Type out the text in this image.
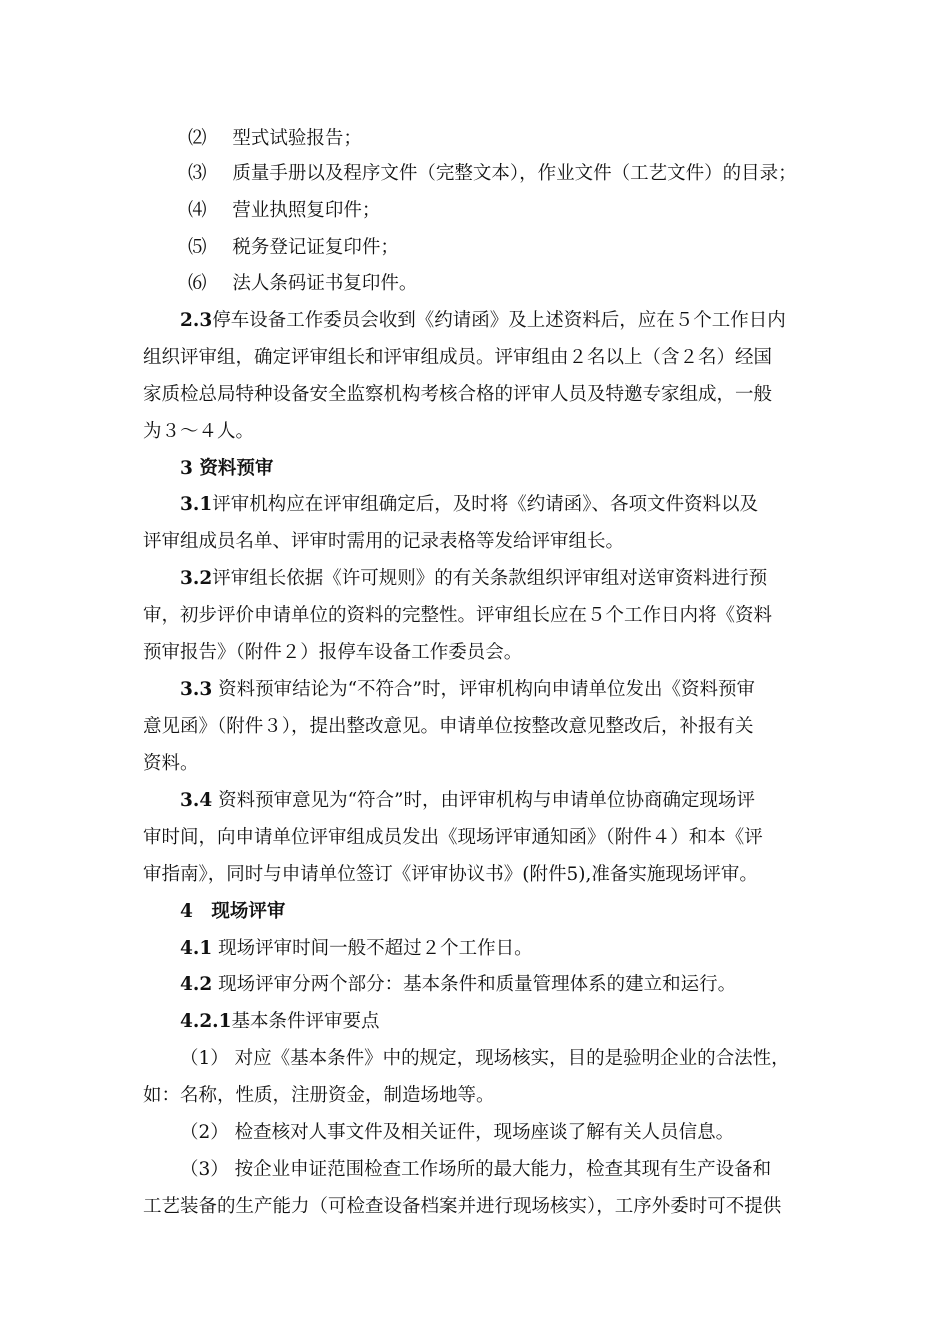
⑵ 型式试验报告；
⑶ 质量手册以及程序文件（完整文本），作业文件（工艺文件）的目录；
⑷ 营业执照复印件；
⑸ 税务登记证复印件；
⑹ 法人条码证书复印件。
2.3停车设备工作委员会收到《约请函》及上述资料后，应在５个工作日内
组织评审组，确定评审组长和评审组成员。评审组由２名以上（含２名）经国
家质检总局特种设备安全监察机构考核合格的评审人员及特邀专家组成，一般
为３～４人。
3 资料预审
3.1评审机构应在评审组确定后，及时将《约请函》、各项文件资料以及
评审组成员名单、评审时需用的记录表格等发给评审组长。
3.2评审组长依据《许可规则》的有关条款组织评审组对送审资料进行预
审，初步评价申请单位的资料的完整性。评审组长应在５个工作日内将《资料
预审报告》（附件２）报停车设备工作委员会。
3.3 资料预审结论为“不符合”时，评审机构向申请单位发出《资料预审
意见函》（附件３），提出整改意见。申请单位按整改意见整改后，补报有关
资料。
3.4 资料预审意见为“符合”时，由评审机构与申请单位协商确定现场评
审时间，向申请单位评审组成员发出《现场评审通知函》（附件４）和本《评
审指南》，同时与申请单位签订《评审协议书》(附件5),准备实施现场评审。
4　现场评审
4.1 现场评审时间一般不超过２个工作日。
4.2 现场评审分两个部分：基本条件和质量管理体系的建立和运行。
4.2.1基本条件评审要点
（1） 对应《基本条件》中的规定，现场核实，目的是验明企业的合法性，
如：名称，性质，注册资金，制造场地等。
（2） 检查核对人事文件及相关证件，现场座谈了解有关人员信息。
（3） 按企业申证范围检查工作场所的最大能力，检查其现有生产设备和
工艺装备的生产能力（可检查设备档案并进行现场核实），工序外委时可不提供
